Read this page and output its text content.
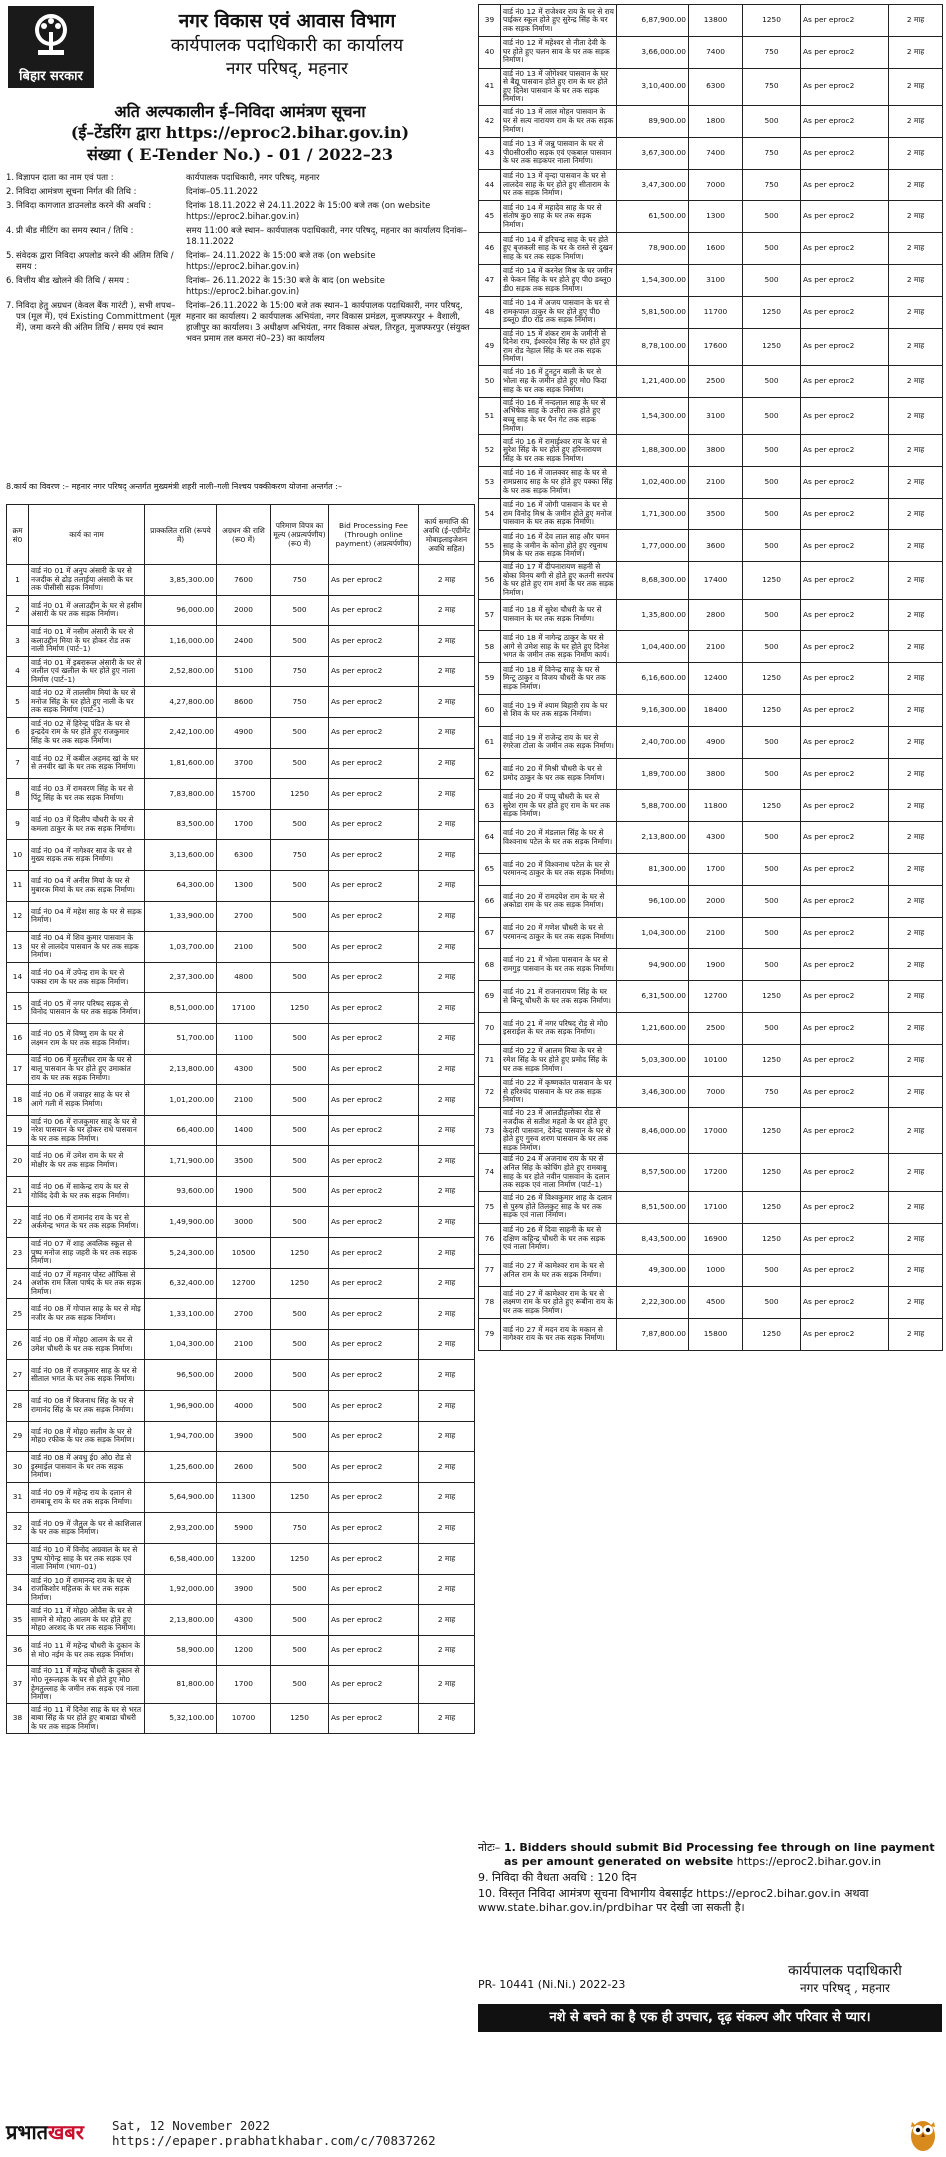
बिहार सरकार
नगर विकास एवं आवास विभाग
कार्यपालक पदाधिकारी का कार्यालय
नगर परिषद्, महनार
अति अल्पकालीन ई–निविदा आमंत्रण सूचना
(ई–टेंडरिंग द्वारा https://eproc2.bihar.gov.in)
संख्या ( E-Tender No.) - 01 / 2022–23
1. विज्ञापन दाता का नाम एवं पता :	कार्यपालक पदाधिकारी, नगर परिषद्, महनार
2. निविदा आमंत्रण सूचना निर्गत की तिथि :	दिनांक–05.11.2022
3. निविदा कागजात डाउनलोड करने की अवधि :	दिनांक 18.11.2022 से 24.11.2022 के 15:00 बजे तक (on website https://eproc2.bihar.gov.in)
4. प्री बीड मीटिंग का समय स्थान / तिथि :	समय 11:00 बजे स्थान– कार्यपालक पदाधिकारी, नगर परिषद्, महनार का कार्यालय दिनांक– 18.11.2022
5. संवेदक द्वारा निविदा अपलोड करने की अंतिम तिथि / समय :
दिनांक– 24.11.2022 के 15:00 बजे तक (on website https://eproc2.bihar.gov.in)
6. वित्तीय बीड खोलने की तिथि / समय :	दिनांक– 26.11.2022 के 15:30 बजे के बाद (on website https://eproc2.bihar.gov.in)
7. निविदा हेतु अग्रधन (केवल बैंक गारंटी ), सभी शपथ–पत्र (मूल में), एवं Existing Committment (मूल में), जमा करने की अंतिम तिथि / समय एवं स्थान
दिनांक–26.11.2022 के 15:00 बजे तक स्थान–1 कार्यपालक पदाधिकारी, नगर परिषद्, महनार का कार्यालय। 2 कार्यपालक अभियंता, नगर विकास प्रमंडल, मुजफ्फरपुर + वैशाली, हाजीपुर का कार्यालय। 3 अधीक्षण अभियंता, नगर विकास अंचल, तिरहुत, मुजफ्फरपुर (संयुक्त भवन प्रमाम तल कमरा नं0–23) का कार्यालय
8.कार्य का विवरण :– महनार नगर परिषद् अन्तर्गत मुख्यमंत्री शहरी नाली–गली निश्चय पक्कीकरण योजना अन्तर्गत :–
क्रम सं0	कार्य का नाम	प्राक्कलित राशि (रूपये में)	अग्रधन की राशि (रू0 में)	परिमाण विपत्र का मूल्य (अप्रत्यर्पणीय) (रू0 में)	Bid Processing Fee (Through online payment) (अप्रत्यर्पणीय)	कार्य समाप्ति की अवधि (ई–एग्रीमेंट मोबाइलाइजेशन अवधि सहित)
1	वार्ड नं0 01 में अनुप अंसारी के घर से नजदीक से ढोड़ तलाईया अंसारी के घर तक पीसीसी सड़क निर्माण।	3,85,300.00	7600	750	As per eproc2	2 माह
2	वार्ड नं0 01 में अलाउद्दीन के घर से हसीम अंसारी के घर तक सड़क निर्माण।	96,000.00	2000	500	As per eproc2	2 माह
3	वार्ड नं0 01 में नसीम अंसारी के घर से कलाउद्दीन मिया के घर होकर रोड तक नाली निर्माण (पार्ट–1)	1,16,000.00	2400	500	As per eproc2	2 माह
4	वार्ड नं0 01 में इबरारूल अंसारी के घर से जलील एवं खलील के घर होते हुए नाला निर्माण (पार्ट–1)	2,52,800.00	5100	750	As per eproc2	2 माह
5	वार्ड नं0 02 में तालसीम मियां के घर से मनोज सिंह के घर होते हुए नाली के घर तक सड़क निर्माण (पार्ट–1)	4,27,800.00	8600	750	As per eproc2	2 माह
6	वार्ड नं0 02 में हिरेन्द्र पंडित के घर से इन्द्रदेव राम के घर होते हुए राजकुमार सिंह के घर तक सड़क निर्माण।	2,42,100.00	4900	500	As per eproc2	2 माह
7	वार्ड नं0 02 में कबील अहमद खां के घर से तनवीर खां के घर तक सड़क निर्माण।	1,81,600.00	3700	500	As per eproc2	2 माह
8	वार्ड नं0 03 में रामवरण सिंह के घर से पिंटू सिंह के घर तक सड़क निर्माण।	7,83,800.00	15700	1250	As per eproc2	2 माह
9	वार्ड नं0 03 में दिलीप चौधरी के घर से कमला ठाकुर के घर तक सड़क निर्माण।	83,500.00	1700	500	As per eproc2	2 माह
10	वार्ड नं0 04 में नागेश्वर साव के घर से मुख्य सड़क तक सड़क निर्माण।	3,13,600.00	6300	750	As per eproc2	2 माह
11	वार्ड नं0 04 में अनीस मियां के घर से मुबारक मियां के घर तक सड़क निर्माण।	64,300.00	1300	500	As per eproc2	2 माह
12	वार्ड नं0 04 में महेश साह के घर से सड़क निर्माण।	1,33,900.00	2700	500	As per eproc2	2 माह
13	वार्ड नं0 04 में शिव कुमार पासवान के घर से लालदेव पासवान के घर तक सड़क निर्माण।	1,03,700.00	2100	500	As per eproc2	2 माह
14	वार्ड नं0 04 में उपेन्द्र राम के घर से पक्का राम के घर तक सड़क निर्माण।	2,37,300.00	4800	500	As per eproc2	2 माह
15	वार्ड नं0 05 में नगर परिषद सड़क से विनोद पासवान के घर तक सड़क निर्माण।	8,51,000.00	17100	1250	As per eproc2	2 माह
16	वार्ड नं0 05 में विष्णु राम के घर से लक्ष्मन राम के घर तक सड़क निर्माण।	51,700.00	1100	500	As per eproc2	2 माह
17	वार्ड नं0 06 में मुरलीधर राम के घर से बालू पासवान के घर होते हुए उमाकांत राय के घर तक सड़क निर्माण।	2,13,800.00	4300	500	As per eproc2	2 माह
18	वार्ड नं0 06 में जवाहर साह के घर से आगे गली में सड़क निर्माण।	1,01,200.00	2100	500	As per eproc2	2 माह
19	वार्ड नं0 06 में राजकुमार साह के घर से नरेश पासवान के घर होकर राधे पासवान के घर तक सड़क निर्माण।	66,400.00	1400	500	As per eproc2	2 माह
20	वार्ड नं0 06 में उमेश राम के घर से मोक्षीर के घर तक सड़क निर्माण।	1,71,900.00	3500	500	As per eproc2	2 माह
21	वार्ड नं0 06 में साकेन्द्र राय के घर से गोविंद देवी के घर तक सड़क निर्माण।	93,600.00	1900	500	As per eproc2	2 माह
22	वार्ड नं0 06 में रामानंद राय के घर से अर्कमेन्द्र भगत के घर तक सड़क निर्माण।	1,49,900.00	3000	500	As per eproc2	2 माह
23	वार्ड नं0 07 में शाह अवलिक स्कूल से पुष्प मनोज साह जहरी के घर तक सड़क निर्माण।	5,24,300.00	10500	1250	As per eproc2	2 माह
24	वार्ड नं0 07 में महनार पोस्ट ऑफिस से अशोक राम जिला पार्षद के घर तक सड़क निर्माण।	6,32,400.00	12700	1250	As per eproc2	2 माह
25	वार्ड नं0 08 में गोपाल साह के घर से मोइ नजीर के घर तक सड़क निर्माण।	1,33,100.00	2700	500	As per eproc2	2 माह
26	वार्ड नं0 08 में मोह0 आलम के घर से उमेश चौधरी के घर तक सड़क निर्माण।	1,04,300.00	2100	500	As per eproc2	2 माह
27	वार्ड नं0 08 में राजकुमार साह के घर से सीताल भगत के घर तक सड़क निर्माण।	96,500.00	2000	500	As per eproc2	2 माह
28	वार्ड नं0 08 में बिजनाथ सिंह के घर से रामानंद सिंह के घर तक सड़क निर्माण।	1,96,900.00	4000	500	As per eproc2	2 माह
29	वार्ड नं0 08 में मोह0 सलीम के घर से मोह0 रफीक के घर तक सड़क निर्माण।	1,94,700.00	3900	500	As per eproc2	2 माह
30	वार्ड नं0 08 में अवधु ई0 ओ0 रोड से इस्माईल पासवान के घर तक सड़क निर्माण।	1,25,600.00	2600	500	As per eproc2	2 माह
31	वार्ड नं0 09 में महेन्द्र राय के दलान से रामबाबू राय के घर तक सड़क निर्माण।	5,64,900.00	11300	1250	As per eproc2	2 माह
32	वार्ड नं0 09 में जैतुल के घर से काशिलाल के घर तक सड़क निर्माण।	2,93,200.00	5900	750	As per eproc2	2 माह
33	वार्ड नं0 10 में विनोद अग्रवाल के घर से पुष्प योगेन्द्र साह के घर तक सड़क एवं नाला निर्माण (भाग–01)	6,58,400.00	13200	1250	As per eproc2	2 माह
34	वार्ड नं0 10 में रामानन्द राय के घर से राजकिशोर महिलक के घर तक सड़क निर्माण।	1,92,000.00	3900	500	As per eproc2	2 माह
35	वार्ड नं0 11 में मोह0 ओवैस के घर से सामने से मोह0 आलम के घर होते हुए मोह0 अरशद के घर तक सड़क निर्माण।	2,13,800.00	4300	500	As per eproc2	2 माह
36	वार्ड नं0 11 में महेन्द्र चौधरी के दुकान के से मो0 नईम के घर तक सड़क निर्माण।	58,900.00	1200	500	As per eproc2	2 माह
37	वार्ड नं0 11 में महेन्द्र चौधरी के दुकान से मो0 नूरूलहक के घर से होते हुए मो0 हेमतुल्लाह के जमीन तक सड़क एवं नाला निर्माण।	81,800.00	1700	500	As per eproc2	2 माह
38	वार्ड नं0 11 में दिनेश साह के घर से भरत बाबा सिंह के घर होते हुए बाबाडा चौधरी के घर तक सड़क निर्माण।	5,32,100.00	10700	1250	As per eproc2	2 माह
39	वार्ड नं0 12 में राजेश्वर राय के घर से राय पाईकर स्कूल होते हुए सुरेन्द्र सिंह के घर तक सड़क निर्माण।	6,87,900.00	13800	1250	As per eproc2	2 माह
40	वार्ड नं0 12 में महेश्वर से नीता देवी के घर होते हुए चलन साव के घर तक सड़क निर्माण।	3,66,000.00	7400	750	As per eproc2	2 माह
41	वार्ड नं0 13 में जोगेश्वर पासवान के घर से बैद्यू पासवान होते हुए राम के घर होते हुए दिनेश पासवान के घर तक सड़क निर्माण।	3,10,400.00	6300	750	As per eproc2	2 माह
42	वार्ड नं0 13 में लाल मोहन पासवान के घर से सत्य नारायण राम के घर तक सड़क निर्माण।	89,900.00	1800	500	As per eproc2	2 माह
43	वार्ड नं0 13 में जन्नु पासवान के घर से पी0सी0सी0 सड़क एवं एकबाल पासवान के घर तक सड़कपर नाला निर्माण।	3,67,300.00	7400	750	As per eproc2	2 माह
44	वार्ड नं0 13 में वृन्दा पासवान के घर से लालदेव साह के घर होते हुए सीताराम के घर तक सड़क निर्माण।	3,47,300.00	7000	750	As per eproc2	2 माह
45	वार्ड नं0 14 में महादेव साह के घर से संतोष कु0 साह के घर तक सड़क निर्माण।	61,500.00	1300	500	As per eproc2	2 माह
46	वार्ड नं0 14 में हरिचन्द्र साह के घर होते हुए बृजकली साह के घर के रास्ते से दुखन साह के घर तक सड़क निर्माण।	78,900.00	1600	500	As per eproc2	2 माह
47	वार्ड नं0 14 में करनेश मिश्र के घर जमीन से फेकन सिंह के घर होते हुए पी0 डब्लू0 डी0 सड़क तक सड़क निर्माण।	1,54,300.00	3100	500	As per eproc2	2 माह
48	वार्ड नं0 14 में अजय पासवान के घर से रामकृपाल ठाकुर के घर होते हुए पी0 डब्लू0 डी0 रोड तक सड़क निर्माण।	5,81,500.00	11700	1250	As per eproc2	2 माह
49	वार्ड नं0 15 में शंकर राम के जमीनी से दिनेश राय, ईश्वरदेव सिंह के घर होते हुए राम रोड नेहाल सिंह के घर तक सड़क निर्माण।	8,78,100.00	17600	1250	As per eproc2	2 माह
50	वार्ड नं0 16 में टुनटुन बाली के घर से भोला सह के जमीन होते हुए मो0 फिदा साह के घर तक सड़क निर्माण।	1,21,400.00	2500	500	As per eproc2	2 माह
51	वार्ड नं0 16 में नन्दलाल साह के घर से अभिषेक साह के उत्तीरा तक होते हुए बच्चू साह के घर पैन गेट तक सड़क निर्माण।	1,54,300.00	3100	500	As per eproc2	2 माह
52	वार्ड नं0 16 में रामाईश्वर राय के घर से सुरेश सिंह के घर होते हुए हरिनारायण सिंह के घर तक सड़क निर्माण।	1,88,300.00	3800	500	As per eproc2	2 माह
53	वार्ड नं0 16 में जालक्वर साह के घर से रामप्रसाद साह के घर होते हुए पक्का सिंह के घर तक सड़क निर्माण।	1,02,400.00	2100	500	As per eproc2	2 माह
54	वार्ड नं0 16 में जोगी पासवान के घर से राम विनोद मिश्र के जमीन होते हुए मनोज पासवान के घर तक सड़क निर्माण।	1,71,300.00	3500	500	As per eproc2	2 माह
55	वार्ड नं0 16 में देव लाल साह और चमन साह के जमीन के कोना होते हुए रघुनाथ मिश्र के घर तक सड़क निर्माण।	1,77,000.00	3600	500	As per eproc2	2 माह
56	वार्ड नं0 17 में दीपनारायण सहनी से बोका विनय बगी से होते हुए कतनी सरपंच के घर होते हुए राम शर्मा के घर तक सड़क निर्माण।	8,68,300.00	17400	1250	As per eproc2	2 माह
57	वार्ड नं0 18 में सुरेश चौधरी के घर से पासवान के घर तक सड़क निर्माण।	1,35,800.00	2800	500	As per eproc2	2 माह
58	वार्ड नं0 18 में नागेन्द्र ठाकुर के घर से आगे से उमेश साह के घर होते हुए दिनेश भगत के जमीन तक सड़क निर्माण कार्य।	1,04,400.00	2100	500	As per eproc2	2 माह
59	वार्ड नं0 18 में विनेन्द्र साह के घर से मिन्टू ठाकुर व विजय चौधरी के घर तक सड़क निर्माण।	6,16,600.00	12400	1250	As per eproc2	2 माह
60	वार्ड नं0 19 में श्याम बिहारी राय के घर से शिव के घर तक सड़क निर्माण।	9,16,300.00	18400	1250	As per eproc2	2 माह
61	वार्ड नं0 19 में राजेन्द्र राय के घर से रंगरेजा टोला के जमीन तक सड़क निर्माण।	2,40,700.00	4900	500	As per eproc2	2 माह
62	वार्ड नं0 20 में मिश्री चौधरी के घर से प्रमोद ठाकुर के घर तक सड़क निर्माण।	1,89,700.00	3800	500	As per eproc2	2 माह
63	वार्ड नं0 20 में पप्पू चौधरी के घर से सुरेश राम के घर होते हुए राम के घर तक सड़क निर्माण।	5,88,700.00	11800	1250	As per eproc2	2 माह
64	वार्ड नं0 20 में मंडलाल सिंह के घर से विश्वनाथ पटेल के घर तक सड़क निर्माण।	2,13,800.00	4300	500	As per eproc2	2 माह
65	वार्ड नं0 20 में विश्वनाथ पटेल के घर से परमानन्द ठाकुर के घर तक सड़क निर्माण।	81,300.00	1700	500	As per eproc2	2 माह
66	वार्ड नं0 20 में रामदयेश राम के घर से अकोडा राम के घर तक सड़क निर्माण।	96,100.00	2000	500	As per eproc2	2 माह
67	वार्ड नं0 20 में गणेश चौधरी के घर से परमानन्द ठाकुर के घर तक सड़क निर्माण।	1,04,300.00	2100	500	As per eproc2	2 माह
68	वार्ड नं0 21 में भोला पासवान के घर से रामगुड़ पासवान के घर तक सड़क निर्माण।	94,900.00	1900	500	As per eproc2	2 माह
69	वार्ड नं0 21 में राजनारायण सिंह के घर से बिन्दू चौधरी के घर तक सड़क निर्माण।	6,31,500.00	12700	1250	As per eproc2	2 माह
70	वार्ड नं0 21 में नगर परिषद रोड से मो0 इसराईल के घर तक सड़क निर्माण।	1,21,600.00	2500	500	As per eproc2	2 माह
71	वार्ड नं0 22 में आलम मिया के घर से रमेश सिंह के घर होते हुए प्रमोद सिंह के घर तक सड़क निर्माण।	5,03,300.00	10100	1250	As per eproc2	2 माह
72	वार्ड नं0 22 में कृष्णकांत पासवान के घर से हरिश्चंद पासवान के घर तक सड़क निर्माण।	3,46,300.00	7000	750	As per eproc2	2 माह
73	वार्ड नं0 23 में आलडीहलोका रोड से नजदीक से सतीश महतो के घर होते हुए केदारी पासवान, देवेन्द्र पासवान के घर से होते हुए गुरुव शरण पासवान के घर तक सड़क निर्माण।	8,46,000.00	17000	1250	As per eproc2	2 माह
74	वार्ड नं0 24 में अजनाथ राय के घर से अनिल सिंह के कोचिंग होते हुए रामबाबू साह के घर होते नवीन पासवान के दलान तक सड़क एवं नाला निर्माण (पार्ट–1)	8,57,500.00	17200	1250	As per eproc2	2 माह
75	वार्ड नं0 26 में विश्वकुमार शाह के दलान से पुरुष होते तिलकुट साह के घर तक सड़क एवं नाला निर्माण।	8,51,500.00	17100	1250	As per eproc2	2 माह
76	वार्ड नं0 26 में दिवा साहनी के घर से दक्षिण कहिन्द्र चौधरी के घर तक सड़क एवं नाला निर्माण।	8,43,500.00	16900	1250	As per eproc2	2 माह
77	वार्ड नं0 27 में कामेश्वर राम के घर से अनिल राम के घर तक सड़क निर्माण।	49,300.00	1000	500	As per eproc2	2 माह
78	वार्ड नं0 27 में कामेश्वर राम के घर से लक्ष्मण राम के घर होते हुए रूबीना राय के घर तक सड़क निर्माण।	2,22,300.00	4500	500	As per eproc2	2 माह
79	वार्ड नं0 27 में मदन राय के मकान से नागेश्वर राय के घर तक सड़क निर्माण।	7,87,800.00	15800	1250	As per eproc2	2 माह
नोटः– 1. Bidders should submit Bid Processing fee through on line payment as per amount generated on website https://eproc2.bihar.gov.in
9. निविदा की वैधता अवधि : 120 दिन
10. विस्तृत निविदा आमंत्रण सूचना विभागीय वेबसाईट https://eproc2.bihar.gov.in अथवा www.state.bihar.gov.in/prdbihar पर देखी जा सकती है।
कार्यपालक पदाधिकारी
नगर परिषद् , महनार
PR- 10441 (Ni.Ni.) 2022-23
नशे से बचने का है एक ही उपचार, दृढ़ संकल्प और परिवार से प्यार।
प्रभातखबर Sat, 12 November 2022
https://epaper.prabhatkhabar.com/c/70837262
